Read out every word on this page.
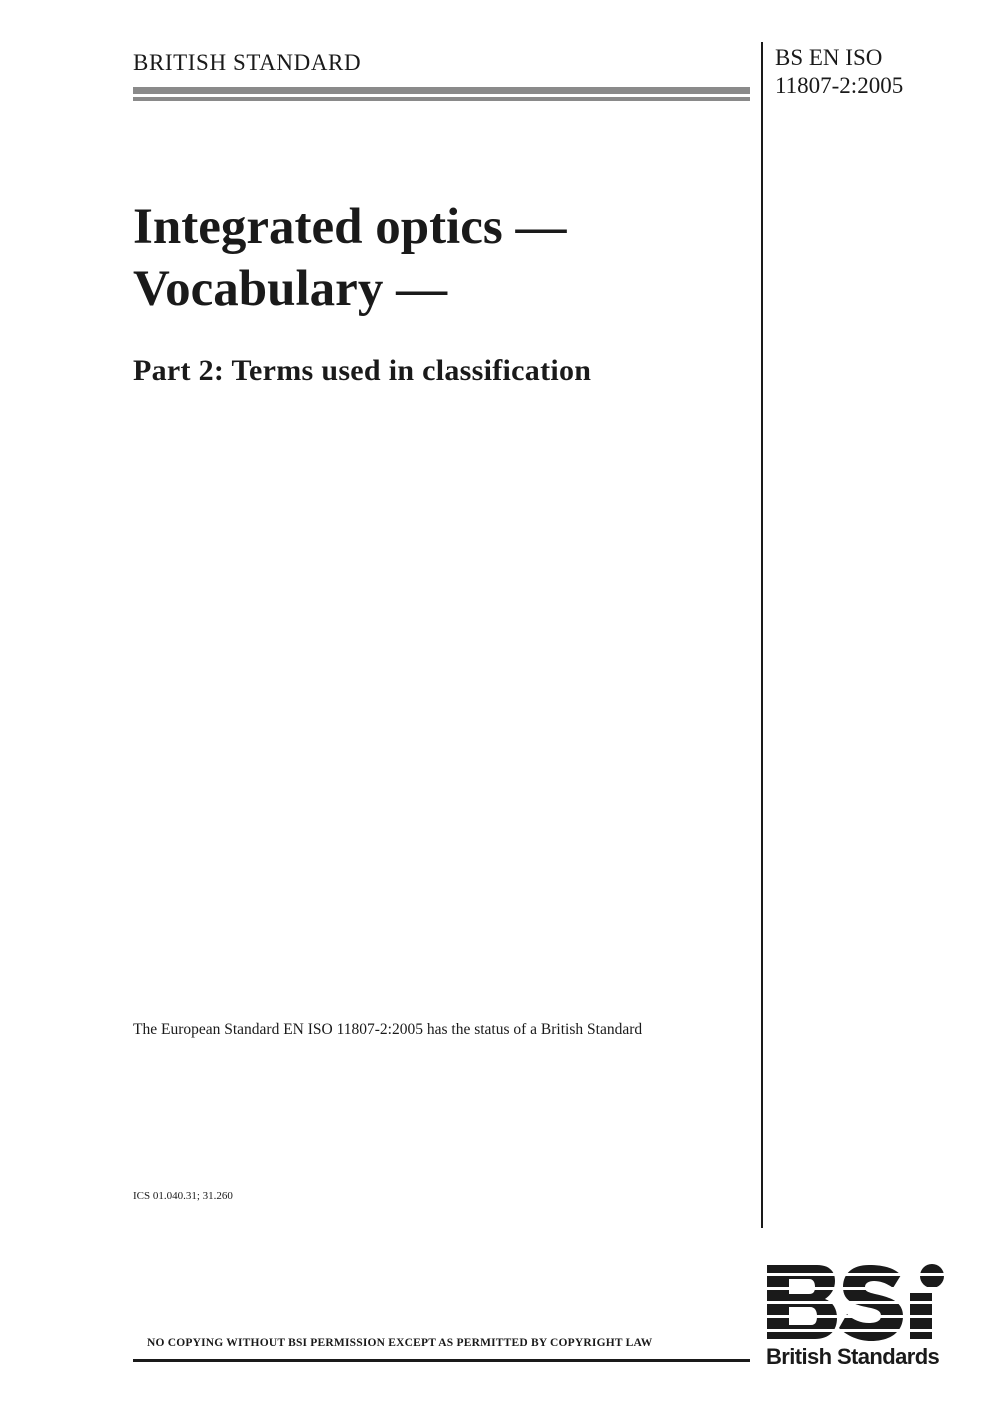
BRITISH STANDARD	BS EN ISO
11807-2:2005
Integrated optics —
Vocabulary —
Part 2: Terms used in classification
The European Standard EN ISO 11807-2:2005 has the status of a British Standard
ICS 01.040.31; 31.260
NO COPYING WITHOUT BSI PERMISSION EXCEPT AS PERMITTED BY COPYRIGHT LAW
British Standards
